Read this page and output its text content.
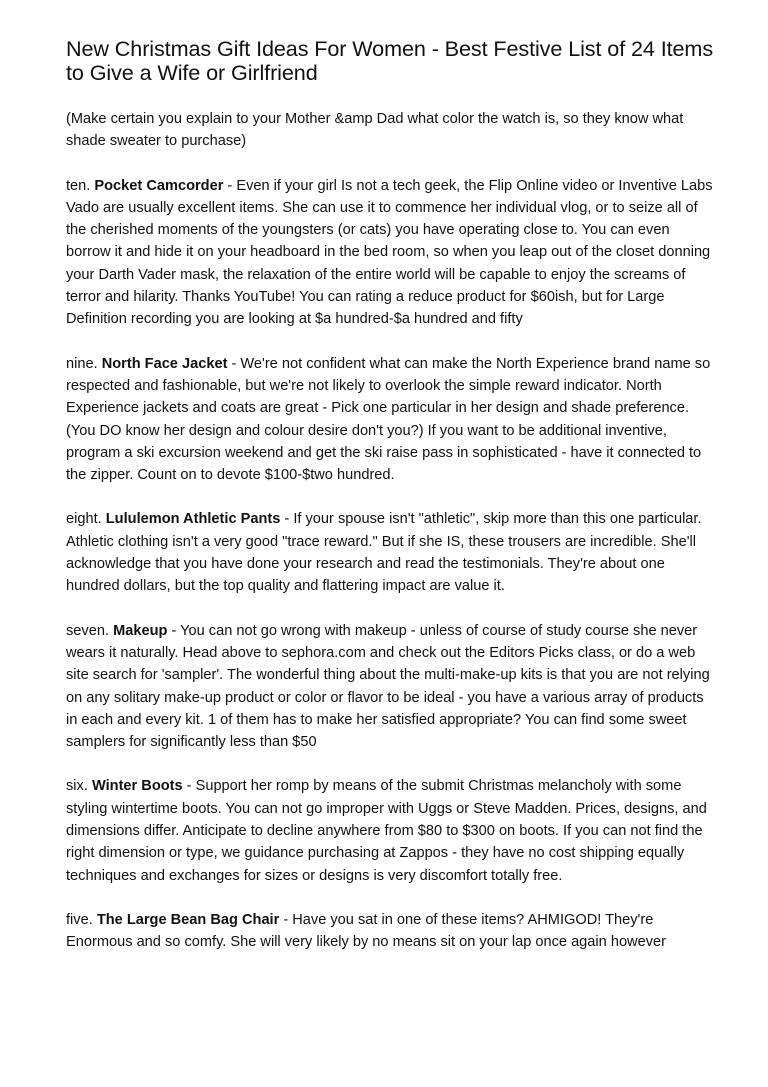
New Christmas Gift Ideas For Women - Best Festive List of 24 Items to Give a Wife or Girlfriend

(Make certain you explain to your Mother &amp Dad what color the watch is, so they know what shade sweater to purchase)

ten. Pocket Camcorder - Even if your girl Is not a tech geek, the Flip Online video or Inventive Labs Vado are usually excellent items. She can use it to commence her individual vlog, or to seize all of the cherished moments of the youngsters (or cats) you have operating close to. You can even borrow it and hide it on your headboard in the bed room, so when you leap out of the closet donning your Darth Vader mask, the relaxation of the entire world will be capable to enjoy the screams of terror and hilarity. Thanks YouTube! You can rating a reduce product for $60ish, but for Large Definition recording you are looking at $a hundred-$a hundred and fifty

nine. North Face Jacket - We're not confident what can make the North Experience brand name so respected and fashionable, but we're not likely to overlook the simple reward indicator. North Experience jackets and coats are great - Pick one particular in her design and shade preference. (You DO know her design and colour desire don't you?) If you want to be additional inventive, program a ski excursion weekend and get the ski raise pass in sophisticated - have it connected to the zipper. Count on to devote $100-$two hundred.

eight. Lululemon Athletic Pants - If your spouse isn't "athletic", skip more than this one particular. Athletic clothing isn't a very good "trace reward." But if she IS, these trousers are incredible. She'll acknowledge that you have done your research and read the testimonials. They're about one hundred dollars, but the top quality and flattering impact are value it.

seven. Makeup - You can not go wrong with makeup - unless of course of study course she never wears it naturally. Head above to sephora.com and check out the Editors Picks class, or do a web site search for 'sampler'. The wonderful thing about the multi-make-up kits is that you are not relying on any solitary make-up product or color or flavor to be ideal - you have a various array of products in each and every kit. 1 of them has to make her satisfied appropriate? You can find some sweet samplers for significantly less than $50

six. Winter Boots - Support her romp by means of the submit Christmas melancholy with some styling wintertime boots. You can not go improper with Uggs or Steve Madden. Prices, designs, and dimensions differ. Anticipate to decline anywhere from $80 to $300 on boots. If you can not find the right dimension or type, we guidance purchasing at Zappos - they have no cost shipping equally techniques and exchanges for sizes or designs is very discomfort totally free.

five. The Large Bean Bag Chair - Have you sat in one of these items? AHMIGOD! They're Enormous and so comfy. She will very likely by no means sit on your lap once again however
